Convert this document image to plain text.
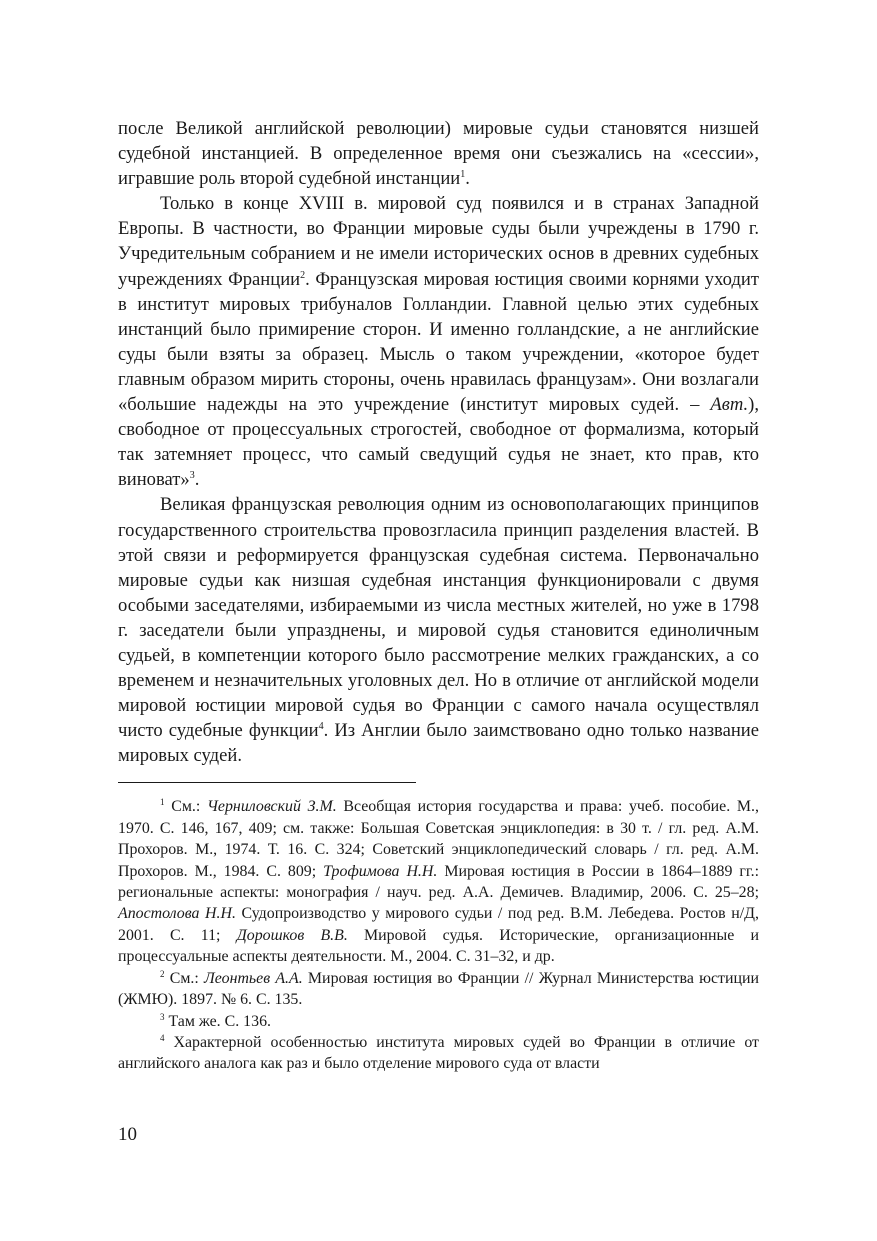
после Великой английской революции) мировые судьи становятся низшей судебной инстанцией. В определенное время они съезжались на «сессии», игравшие роль второй судебной инстанции$^1$.

Только в конце XVIII в. мировой суд появился и в странах Западной Европы. В частности, во Франции мировые суды были учреждены в 1790 г. Учредительным собранием и не имели исторических основ в древних судебных учреждениях Франции$^2$. Французская мировая юстиция своими корнями уходит в институт мировых трибуналов Голландии. Главной целью этих судебных инстанций было примирение сторон. И именно голландские, а не английские суды были взяты за образец. Мысль о таком учреждении, «которое будет главным образом мирить стороны, очень нравилась французам». Они возлагали «большие надежды на это учреждение (институт мировых судей. – Авт.), свободное от процессуальных строгостей, свободное от формализма, который так затемняет процесс, что самый сведущий судья не знает, кто прав, кто виноват»$^3$.

Великая французская революция одним из основополагающих принципов государственного строительства провозгласила принцип разделения властей. В этой связи и реформируется французская судебная система. Первоначально мировые судьи как низшая судебная инстанция функционировали с двумя особыми заседателями, избираемыми из числа местных жителей, но уже в 1798 г. заседатели были упразднены, и мировой судья становится единоличным судьей, в компетенции которого было рассмотрение мелких гражданских, а со временем и незначительных уголовных дел. Но в отличие от английской модели мировой юстиции мировой судья во Франции с самого начала осуществлял чисто судебные функции$^4$. Из Англии было заимствовано одно только название мировых судей.

$^1$ См.: Черниловский З.М. Всеобщая история государства и права: учеб. пособие. М., 1970. С. 146, 167, 409; см. также: Большая Советская энциклопедия: в 30 т. / гл. ред. А.М. Прохоров. М., 1974. Т. 16. С. 324; Советский энциклопедический словарь / гл. ред. А.М. Прохоров. М., 1984. С. 809; Трофимова Н.Н. Мировая юстиция в России в 1864–1889 гг.: региональные аспекты: монография / науч. ред. А.А. Демичев. Владимир, 2006. С. 25–28; Апостолова Н.Н. Судопроизводство у мирового судьи / под ред. В.М. Лебедева. Ростов н/Д, 2001. С. 11; Дорошков В.В. Мировой судья. Исторические, организационные и процессуальные аспекты деятельности. М., 2004. С. 31–32, и др.

$^2$ См.: Леонтьев А.А. Мировая юстиция во Франции // Журнал Министерства юстиции (ЖМЮ). 1897. № 6. С. 135.

$^3$ Там же. С. 136.

$^4$ Характерной особенностью института мировых судей во Франции в отличие от английского аналога как раз и было отделение мирового суда от власти

10
